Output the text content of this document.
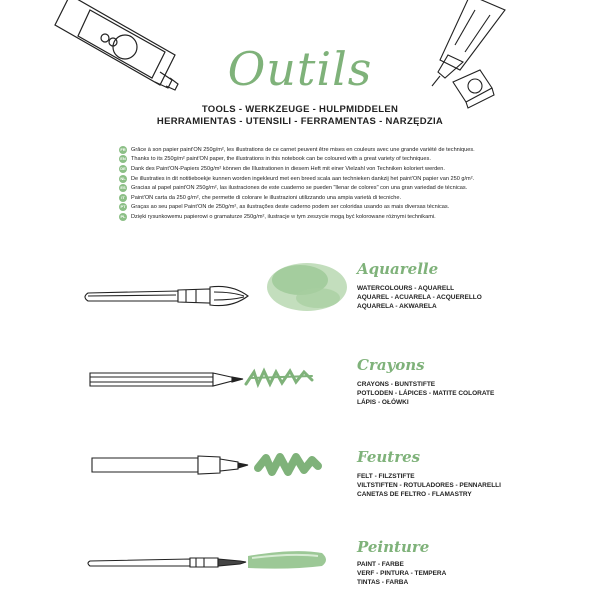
Outils
TOOLS - WERKZEUGE - HULPMIDDELEN
HERRAMIENTAS - UTENSILI - FERRAMENTAS - NARZĘDZIA
FR Grâce à son papier paint'ON 250g/m², les illustrations de ce carnet peuvent être mises en couleurs avec une grande variété de techniques.
EN Thanks to its 250g/m² paint'ON paper, the illustrations in this notebook can be coloured with a great variety of techniques.
DE Dank des Paint'ON-Papiers 250g/m² können die Illustrationen in diesem Heft mit einer Vielzahl von Techniken koloriert werden.
NL De illustraties in dit notitieboekje kunnen worden ingekleurd met een breed scala aan technieken dankzij het paint'ON papier van 250 g/m².
ES Gracias al papel paint'ON 250g/m², las ilustraciones de este cuaderno se pueden "llenar de colores" con una gran variedad de técnicas.
IT	Paint'ON carta da 250 g/m², che permette di colorare le illustrazioni utilizzando una ampia varietà di tecniche.
PT Graças ao seu papel Paint'ON de 250g/m², as ilustrações deste caderno podem ser coloridas usando as mais diversas técnicas.
PL Dzięki rysunkowemu papierowi o gramaturze 250g/m², ilustracje w tym zeszycie mogą być kolorowane różnymi technikami.
Aquarelle
WATERCOLOURS - AQUARELL
AQUAREL - ACUARELA - ACQUERELLO
AQUARELA - AKWARELA
Crayons
CRAYONS - BUNTSTIFTE
POTLODEN - LÁPICES - MATITE COLORATE
LÁPIS - OŁÓWKI
Feutres
FELT - FILZSTIFTE
VILTSTIFTEN - ROTULADORES - PENNARELLI
CANETAS DE FELTRO - FLAMASTRY
Peinture
PAINT - FARBE
VERF - PINTURA - TEMPERA
TINTAS - FARBA
